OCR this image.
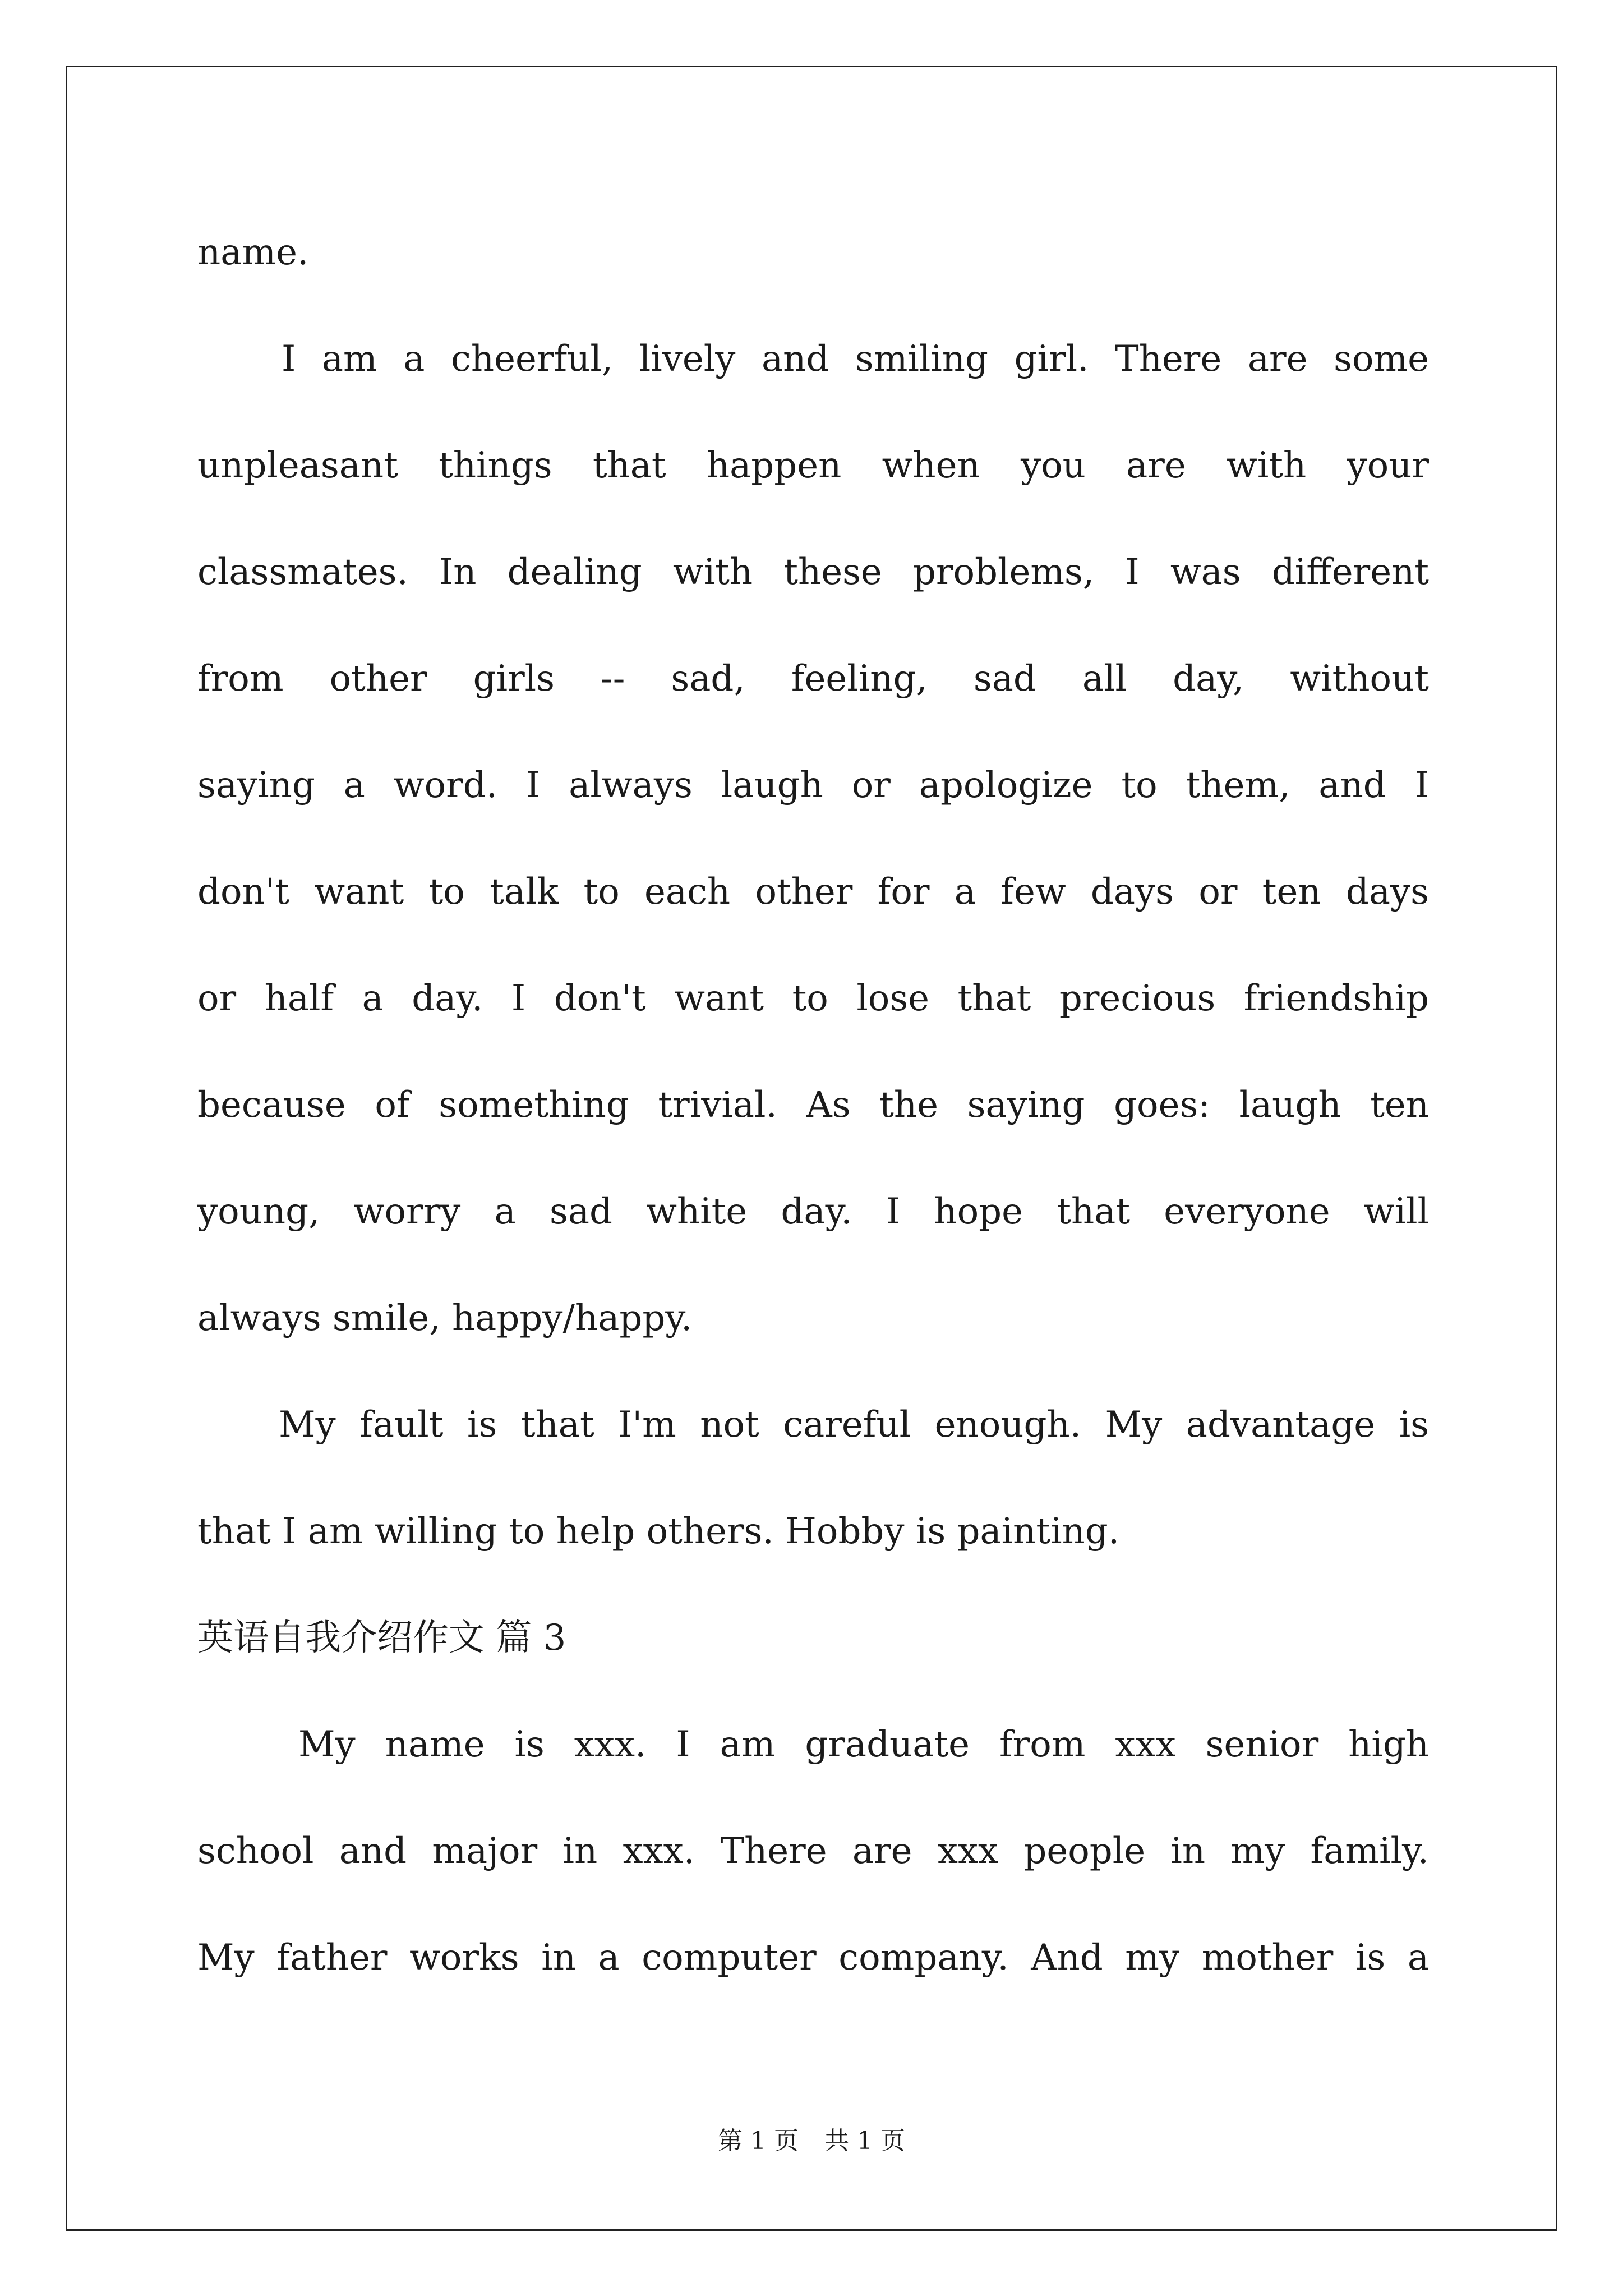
name.
I am a cheerful, lively and smiling girl. There are some
unpleasant things that happen when you are with your
classmates. In dealing with these problems, I was different
from other girls -- sad, feeling, sad all day, without
saying a word. I always laugh or apologize to them, and I
don't want to talk to each other for a few days or ten days
or half a day. I don't want to lose that precious friendship
because of something trivial. As the saying goes: laugh ten
young, worry a sad white day. I hope that everyone will
always smile, happy/happy.
My fault is that I'm not careful enough. My advantage is
that I am willing to help others. Hobby is painting.
英语自我介绍作文 篇 3
My name is xxx. I am graduate from xxx senior high
school and major in xxx. There are xxx people in my family.
My father works in a computer company. And my mother is a
第 1 页 共 1 页
